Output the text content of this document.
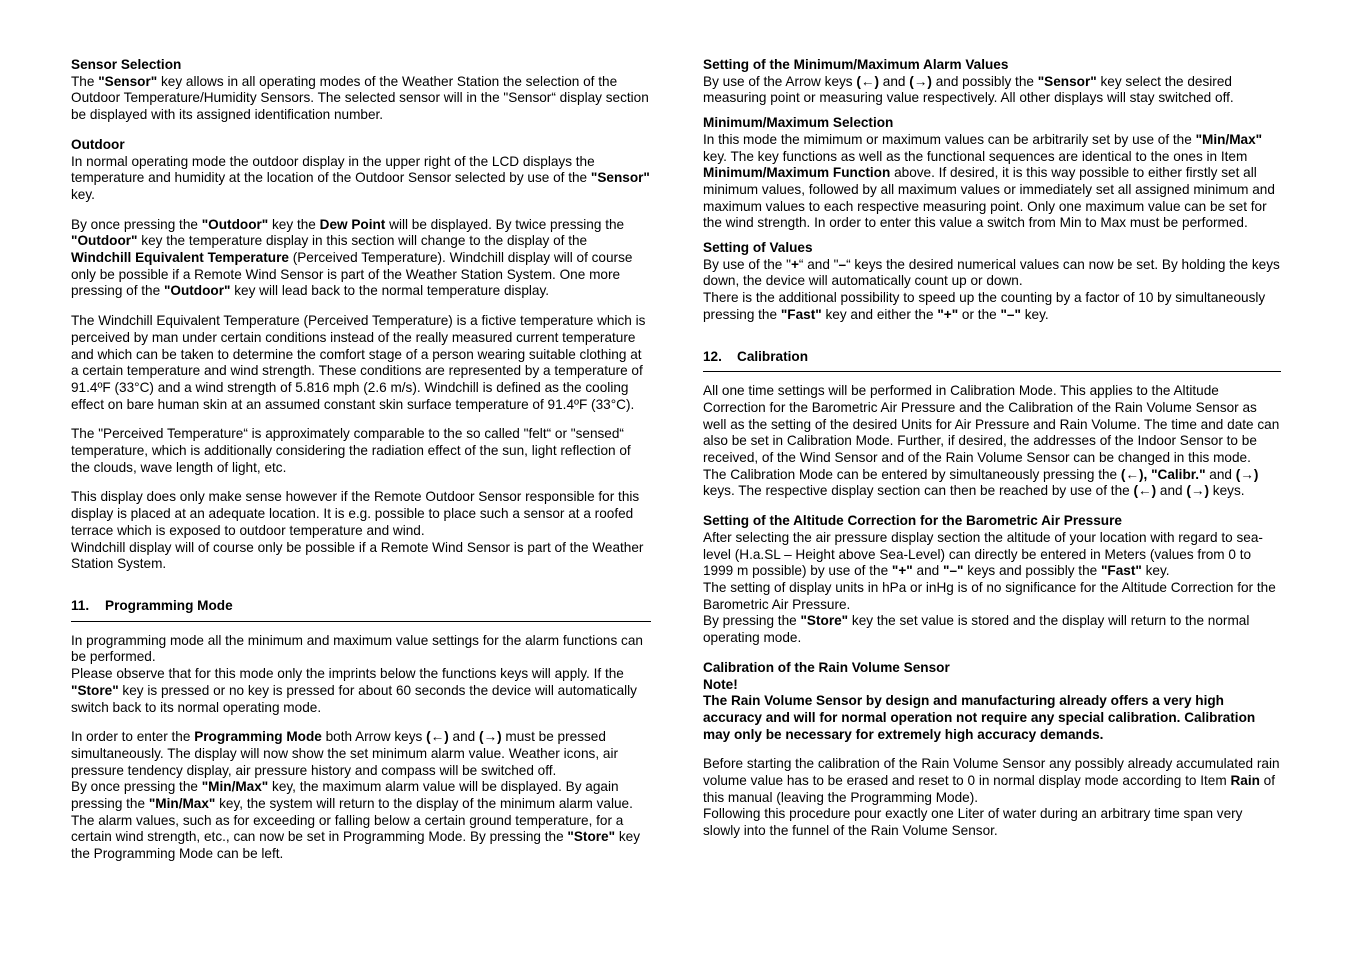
Sensor Selection

The "Sensor" key allows in all operating modes of the Weather Station the selection of the Outdoor Temperature/Humidity Sensors. The selected sensor will in the "Sensor“ display section be displayed with its assigned identification number.

Outdoor

In normal operating mode the outdoor display in the upper right of the LCD displays the temperature and humidity at the location of the Outdoor Sensor selected by use of the "Sensor" key.

By once pressing the "Outdoor" key the Dew Point will be displayed. By twice pressing the "Outdoor" key the temperature display in this section will change to the display of the Windchill Equivalent Temperature (Perceived Temperature). Windchill display will of course only be possible if a Remote Wind Sensor is part of the Weather Station System. One more pressing of the "Outdoor" key will lead back to the normal temperature display.

The Windchill Equivalent Temperature (Perceived Temperature) is a fictive temperature which is perceived by man under certain conditions instead of the really measured current temperature and which can be taken to determine the comfort stage of a person wearing suitable clothing at a certain temperature and wind strength. These conditions are represented by a temperature of 91.4ºF (33°C) and a wind strength of 5.816 mph (2.6 m/s). Windchill is defined as the cooling effect on bare human skin at an assumed constant skin surface temperature of 91.4ºF (33°C).

The "Perceived Temperature“ is approximately comparable to the so called "felt“ or "sensed“ temperature, which is additionally considering the radiation effect of the sun, light reflection of the clouds, wave length of light, etc.

This display does only make sense however if the Remote Outdoor Sensor responsible for this display is placed at an adequate location. It is e.g. possible to place such a sensor at a roofed terrace which is exposed to outdoor temperature and wind.

Windchill display will of course only be possible if a Remote Wind Sensor is part of the Weather Station System.

11. Programming Mode

In programming mode all the minimum and maximum value settings for the alarm functions can be performed.

Please observe that for this mode only the imprints below the functions keys will apply. If the "Store" key is pressed or no key is pressed for about 60 seconds the device will automatically switch back to its normal operating mode.

In order to enter the Programming Mode both Arrow keys (←) and (→) must be pressed simultaneously. The display will now show the set minimum alarm value. Weather icons, air pressure tendency display, air pressure history and compass will be switched off.

By once pressing the "Min/Max" key, the maximum alarm value will be displayed. By again pressing the "Min/Max" key, the system will return to the display of the minimum alarm value. The alarm values, such as for exceeding or falling below a certain ground temperature, for a certain wind strength, etc., can now be set in Programming Mode. By pressing the "Store" key the Programming Mode can be left.

Setting of the Minimum/Maximum Alarm Values

By use of the Arrow keys (←) and (→) and possibly the "Sensor" key select the desired measuring point or measuring value respectively. All other displays will stay switched off.

Minimum/Maximum Selection

In this mode the mimimum or maximum values can be arbitrarily set by use of the "Min/Max" key. The key functions as well as the functional sequences are identical to the ones in Item Minimum/Maximum Function above. If desired, it is this way possible to either firstly set all minimum values, followed by all maximum values or immediately set all assigned minimum and maximum values to each respective measuring point. Only one maximum value can be set for the wind strength. In order to enter this value a switch from Min to Max must be performed.

Setting of Values

By use of the "+“ and "–“ keys the desired numerical values can now be set. By holding the keys down, the device will automatically count up or down.

There is the additional possibility to speed up the counting by a factor of 10 by simultaneously pressing the "Fast" key and either the "+" or the "–" key.

12. Calibration

All one time settings will be performed in Calibration Mode. This applies to the Altitude Correction for the Barometric Air Pressure and the Calibration of the Rain Volume Sensor as well as the setting of the desired Units for Air Pressure and Rain Volume. The time and date can also be set in Calibration Mode. Further, if desired, the addresses of the Indoor Sensor to be received, of the Wind Sensor and of the Rain Volume Sensor can be changed in this mode.

The Calibration Mode can be entered by simultaneously pressing the (←), "Calibr." and (→) keys. The respective display section can then be reached by use of the (←) and (→) keys.

Setting of the Altitude Correction for the Barometric Air Pressure

After selecting the air pressure display section the altitude of your location with regard to sea-level (H.a.SL – Height above Sea-Level) can directly be entered in Meters (values from 0 to 1999 m possible) by use of the "+" and "–" keys and possibly the "Fast" key.

The setting of display units in hPa or inHg is of no significance for the Altitude Correction for the Barometric Air Pressure.

By pressing the "Store" key the set value is stored and the display will return to the normal operating mode.

Calibration of the Rain Volume Sensor

Note!

The Rain Volume Sensor by design and manufacturing already offers a very high accuracy and will for normal operation not require any special calibration. Calibration may only be necessary for extremely high accuracy demands.

Before starting the calibration of the Rain Volume Sensor any possibly already accumulated rain volume value has to be erased and reset to 0 in normal display mode according to Item Rain of this manual (leaving the Programming Mode).

Following this procedure pour exactly one Liter of water during an arbitrary time span very slowly into the funnel of the Rain Volume Sensor.
